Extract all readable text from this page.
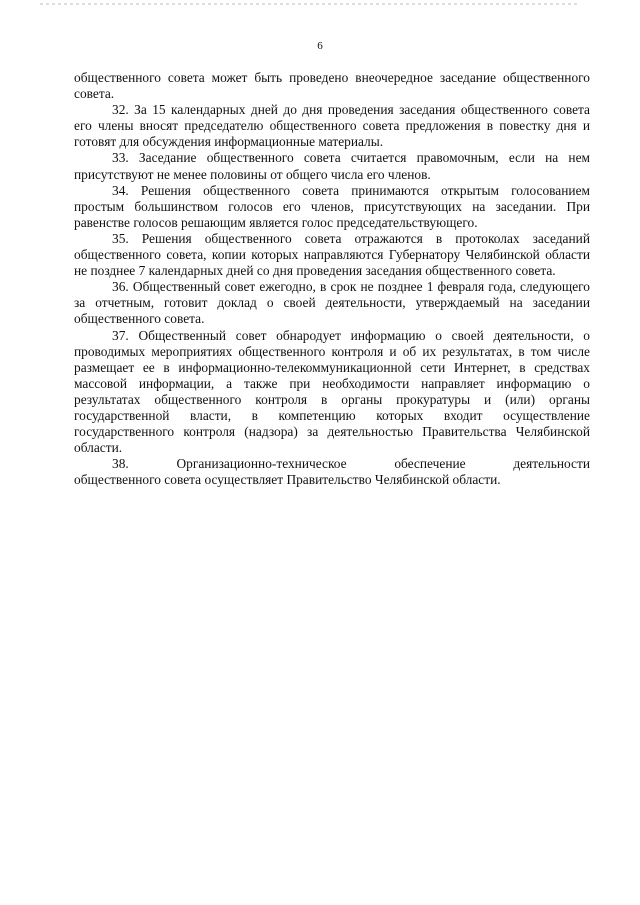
6

общественного совета может быть проведено внеочередное заседание общественного совета.

32. За 15 календарных дней до дня проведения заседания общественного совета его члены вносят председателю общественного совета предложения в повестку дня и готовят для обсуждения информационные материалы.

33. Заседание общественного совета считается правомочным, если на нем присутствуют не менее половины от общего числа его членов.

34. Решения общественного совета принимаются открытым голосованием простым большинством голосов его членов, присутствующих на заседании. При равенстве голосов решающим является голос председательствующего.

35. Решения общественного совета отражаются в протоколах заседаний общественного совета, копии которых направляются Губернатору Челябинской области не позднее 7 календарных дней со дня проведения заседания общественного совета.

36. Общественный совет ежегодно, в срок не позднее 1 февраля года, следующего за отчетным, готовит доклад о своей деятельности, утверждаемый на заседании общественного совета.

37. Общественный совет обнародует информацию о своей деятельности, о проводимых мероприятиях общественного контроля и об их результатах, в том числе размещает ее в информационно-телекоммуникационной сети Интернет, в средствах массовой информации, а также при необходимости направляет информацию о результатах общественного контроля в органы прокуратуры и (или) органы государственной власти, в компетенцию которых входит осуществление государственного контроля (надзора) за деятельностью Правительства Челябинской области.

38. Организационно-техническое обеспечение деятельности

общественного совета осуществляет Правительство Челябинской области.
